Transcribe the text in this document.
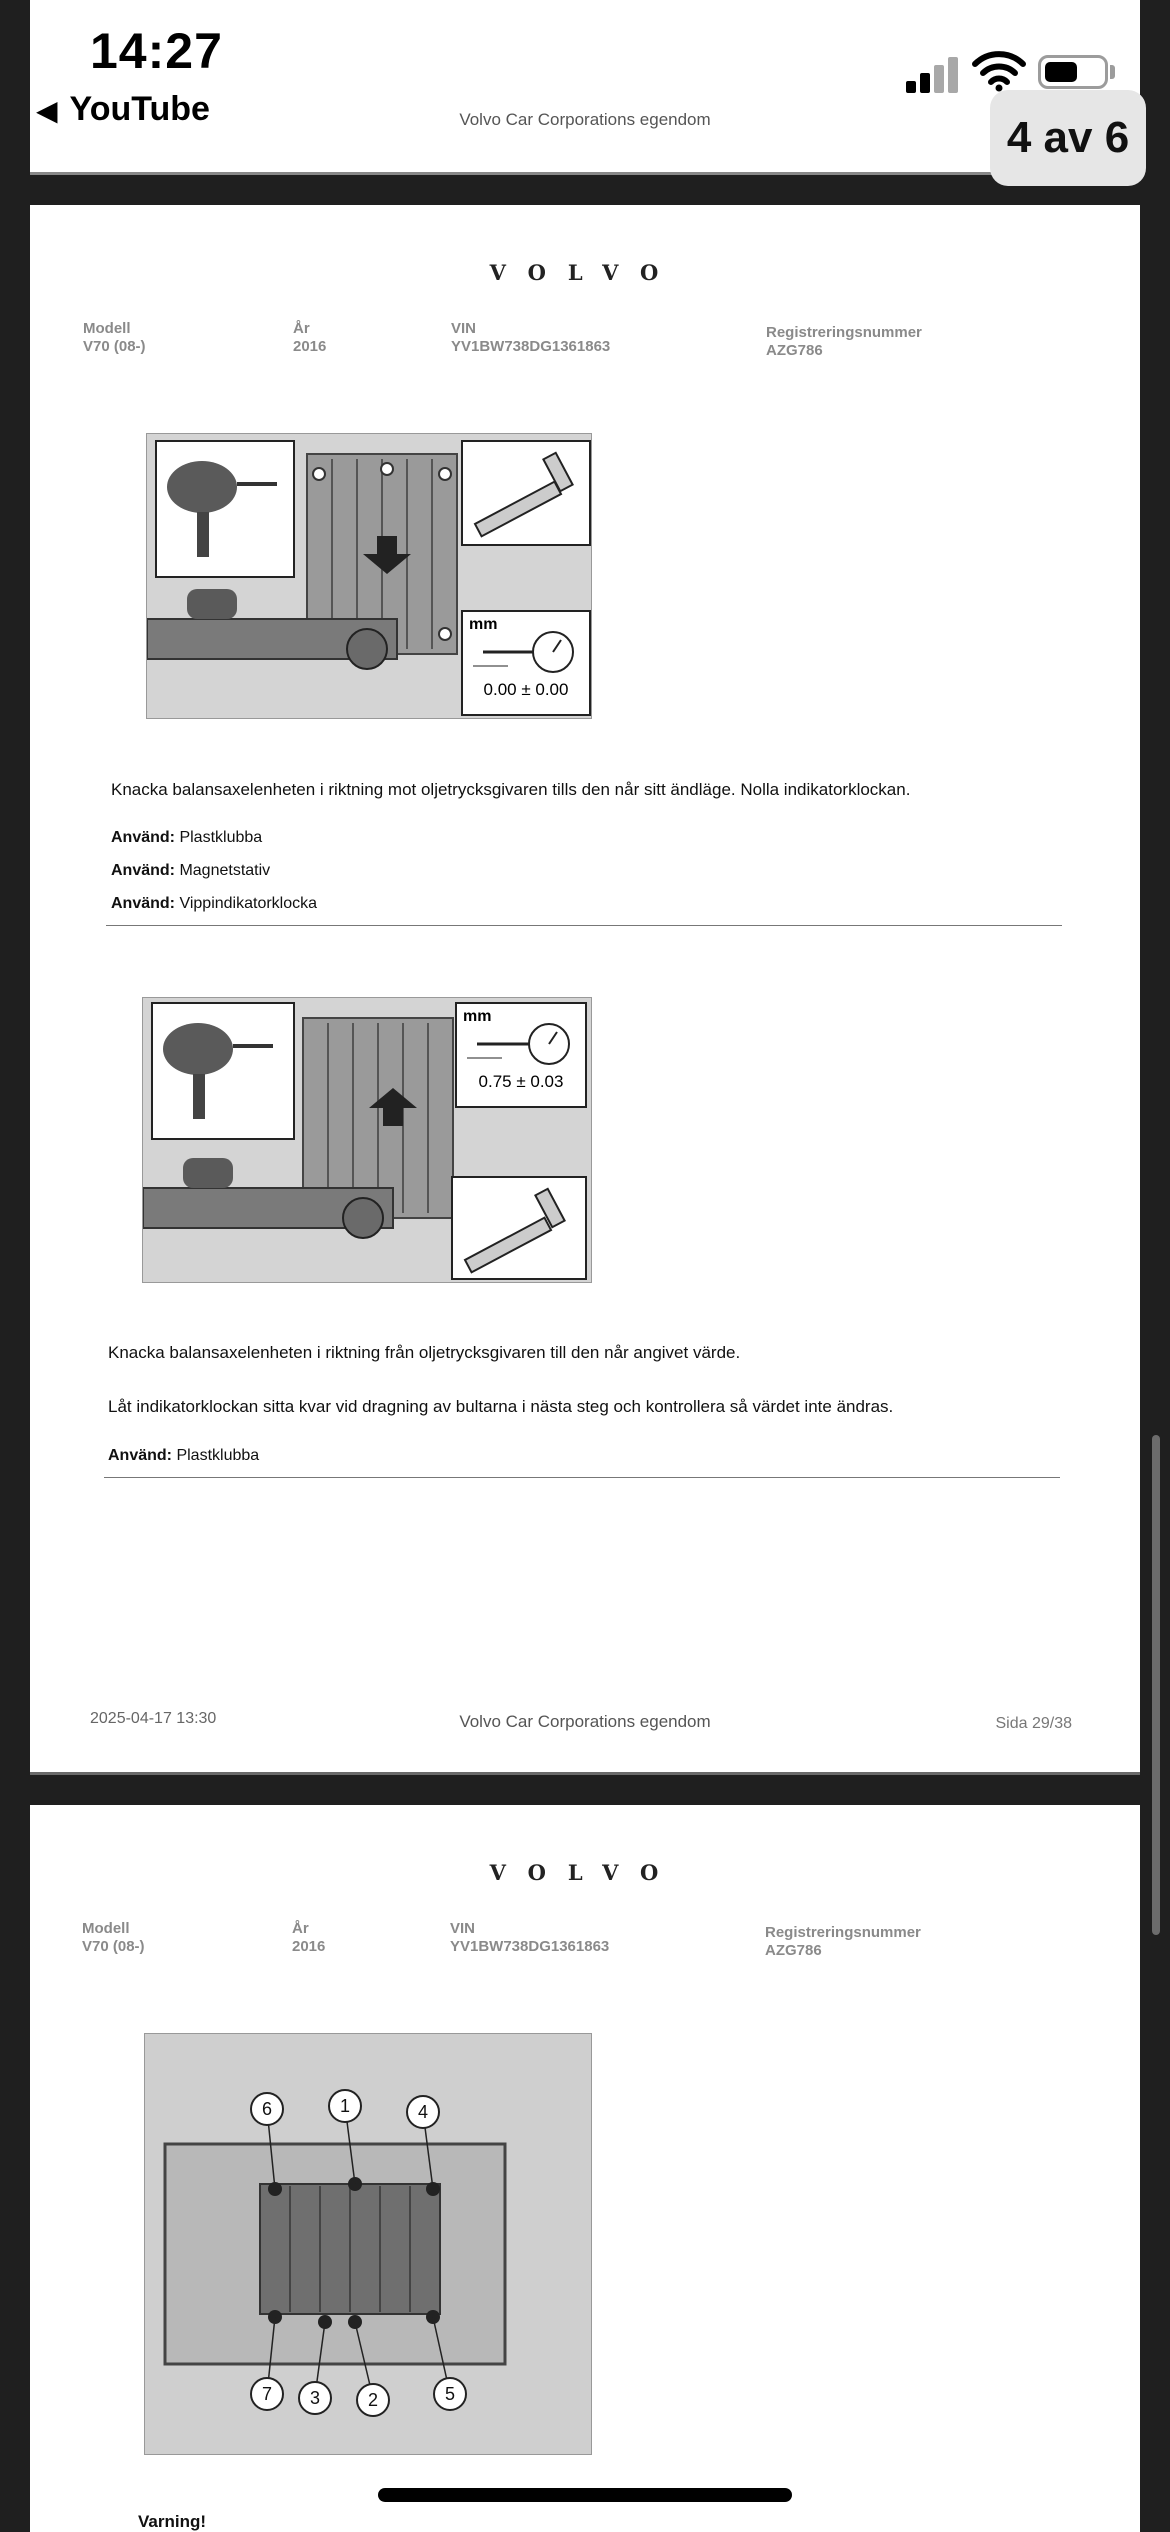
Volvo Car Corporations egendom
14:27
◀ YouTube
4 av 6
VOLVO
Modell
V70 (08-)
År
2016
VIN
YV1BW738DG1361863
Registreringsnummer
AZG786
mm
0.00 ± 0.00
Knacka balansaxelenheten i riktning mot oljetrycksgivaren tills den når sitt ändläge. Nolla indikatorklockan.
Använd: Plastklubba
Använd: Magnetstativ
Använd: Vippindikatorklocka
mm
0.75 ± 0.03
Knacka balansaxelenheten i riktning från oljetrycksgivaren till den når angivet värde.
Låt indikatorklockan sitta kvar vid dragning av bultarna i nästa steg och kontrollera så värdet inte ändras.
Använd: Plastklubba
2025-04-17 13:30	Volvo Car Corporations egendom	Sida 29/38
VOLVO
Modell
V70 (08-)
År
2016
VIN
YV1BW738DG1361863
Registreringsnummer
AZG786
6	1	4
7 3	2	5
Varning!
